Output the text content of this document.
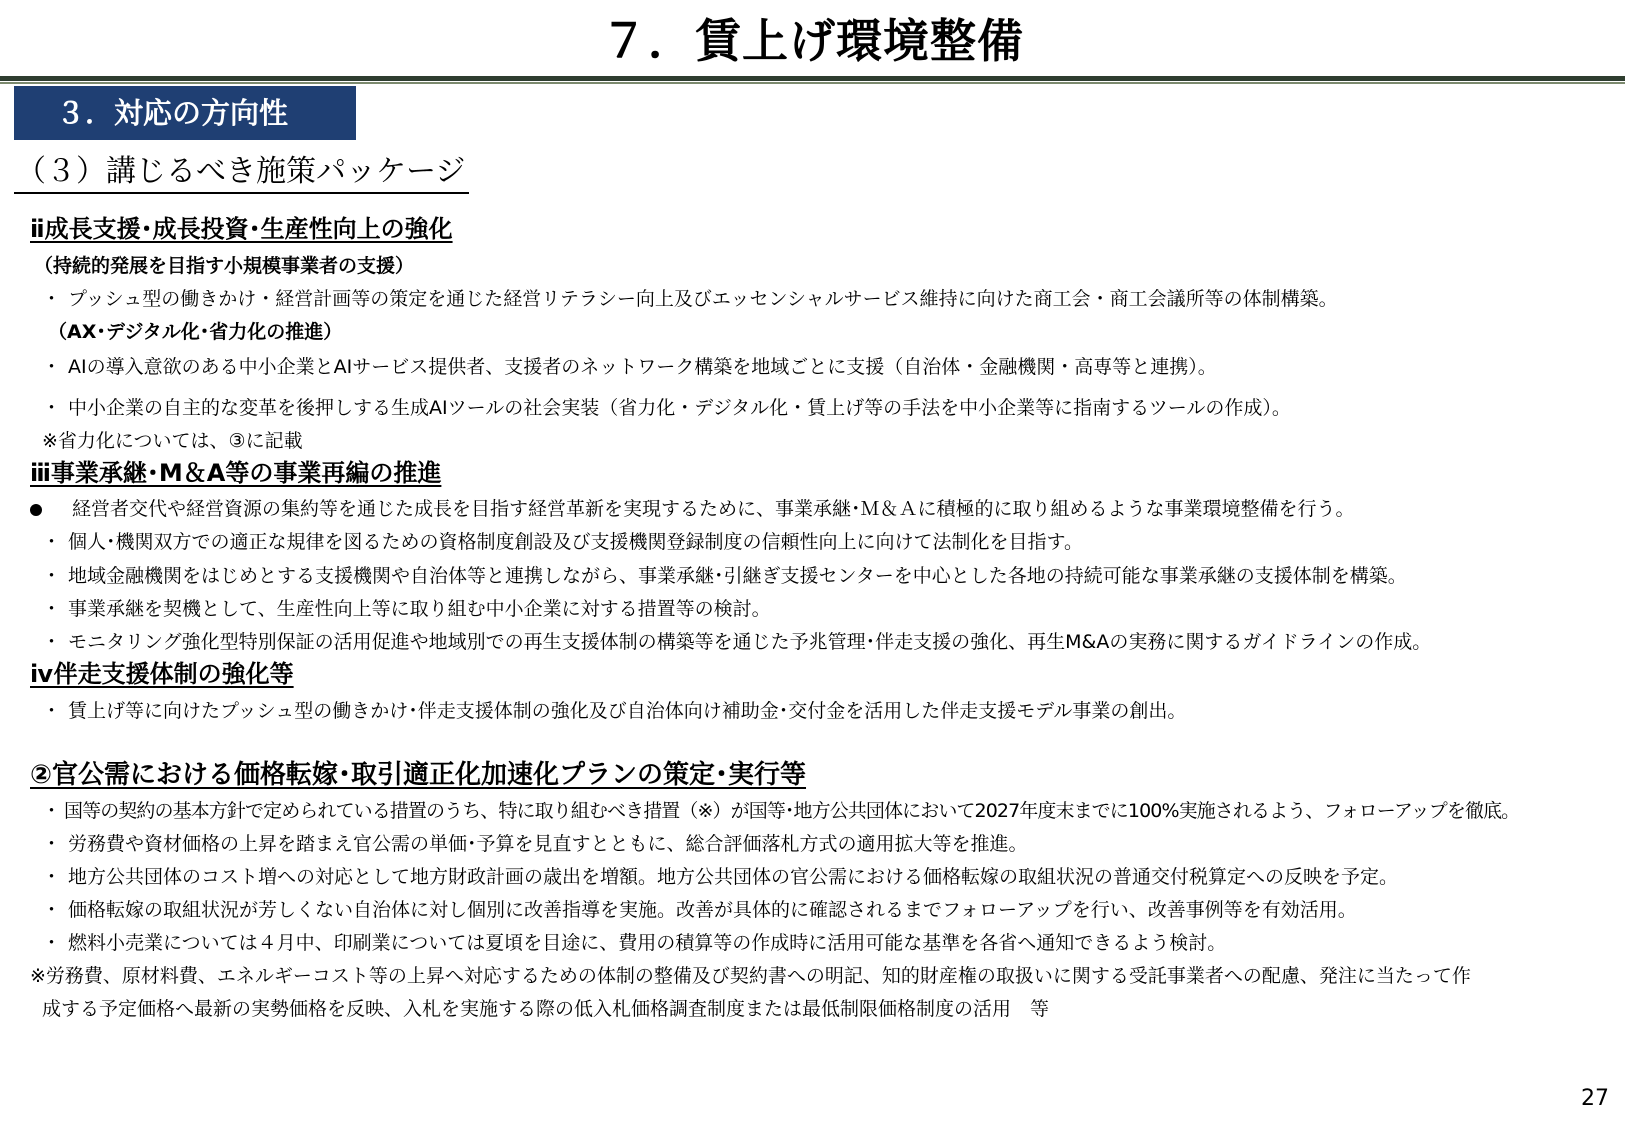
７．賃上げ環境整備
３．対応の方向性
（３）講じるべき施策パッケージ
ⅱ成長支援･成長投資･生産性向上の強化
（持続的発展を目指す小規模事業者の支援）
・ プッシュ型の働きかけ・経営計画等の策定を通じた経営リテラシー向上及びエッセンシャルサービス維持に向けた商工会・商工会議所等の体制構築。
（AX･デジタル化･省力化の推進）
・ AIの導入意欲のある中小企業とAIサービス提供者、支援者のネットワーク構築を地域ごとに支援（自治体・金融機関・高専等と連携）。
・ 中小企業の自主的な変革を後押しする生成AIツールの社会実装（省力化・デジタル化・賃上げ等の手法を中小企業等に指南するツールの作成）。
※省力化については、③に記載
ⅲ事業承継･M＆A等の事業再編の推進
経営者交代や経営資源の集約等を通じた成長を目指す経営革新を実現するために、事業承継･Ｍ＆Ａに積極的に取り組めるような事業環境整備を行う。
・ 個人･機関双方での適正な規律を図るための資格制度創設及び支援機関登録制度の信頼性向上に向けて法制化を目指す。
・ 地域金融機関をはじめとする支援機関や自治体等と連携しながら、事業承継･引継ぎ支援センターを中心とした各地の持続可能な事業承継の支援体制を構築。
・ 事業承継を契機として、生産性向上等に取り組む中小企業に対する措置等の検討。
・ モニタリング強化型特別保証の活用促進や地域別での再生支援体制の構築等を通じた予兆管理･伴走支援の強化、再生M&Aの実務に関するガイドラインの作成。
ⅳ伴走支援体制の強化等
・ 賃上げ等に向けたプッシュ型の働きかけ･伴走支援体制の強化及び自治体向け補助金･交付金を活用した伴走支援モデル事業の創出。
②官公需における価格転嫁･取引適正化加速化プランの策定･実行等
・ 国等の契約の基本方針で定められている措置のうち、特に取り組むべき措置（※）が国等･地方公共団体において2027年度末までに100%実施されるよう、フォローアップを徹底。
・ 労務費や資材価格の上昇を踏まえ官公需の単価･予算を見直すとともに、総合評価落札方式の適用拡大等を推進。
・ 地方公共団体のコスト増への対応として地方財政計画の歳出を増額。地方公共団体の官公需における価格転嫁の取組状況の普通交付税算定への反映を予定。
・ 価格転嫁の取組状況が芳しくない自治体に対し個別に改善指導を実施。改善が具体的に確認されるまでフォローアップを行い、改善事例等を有効活用。
・ 燃料小売業については４月中、印刷業については夏頃を目途に、費用の積算等の作成時に活用可能な基準を各省へ通知できるよう検討。
※労務費、原材料費、エネルギーコスト等の上昇へ対応するための体制の整備及び契約書への明記、知的財産権の取扱いに関する受託事業者への配慮、発注に当たって作
成する予定価格へ最新の実勢価格を反映、入札を実施する際の低入札価格調査制度または最低制限価格制度の活用　等
27
